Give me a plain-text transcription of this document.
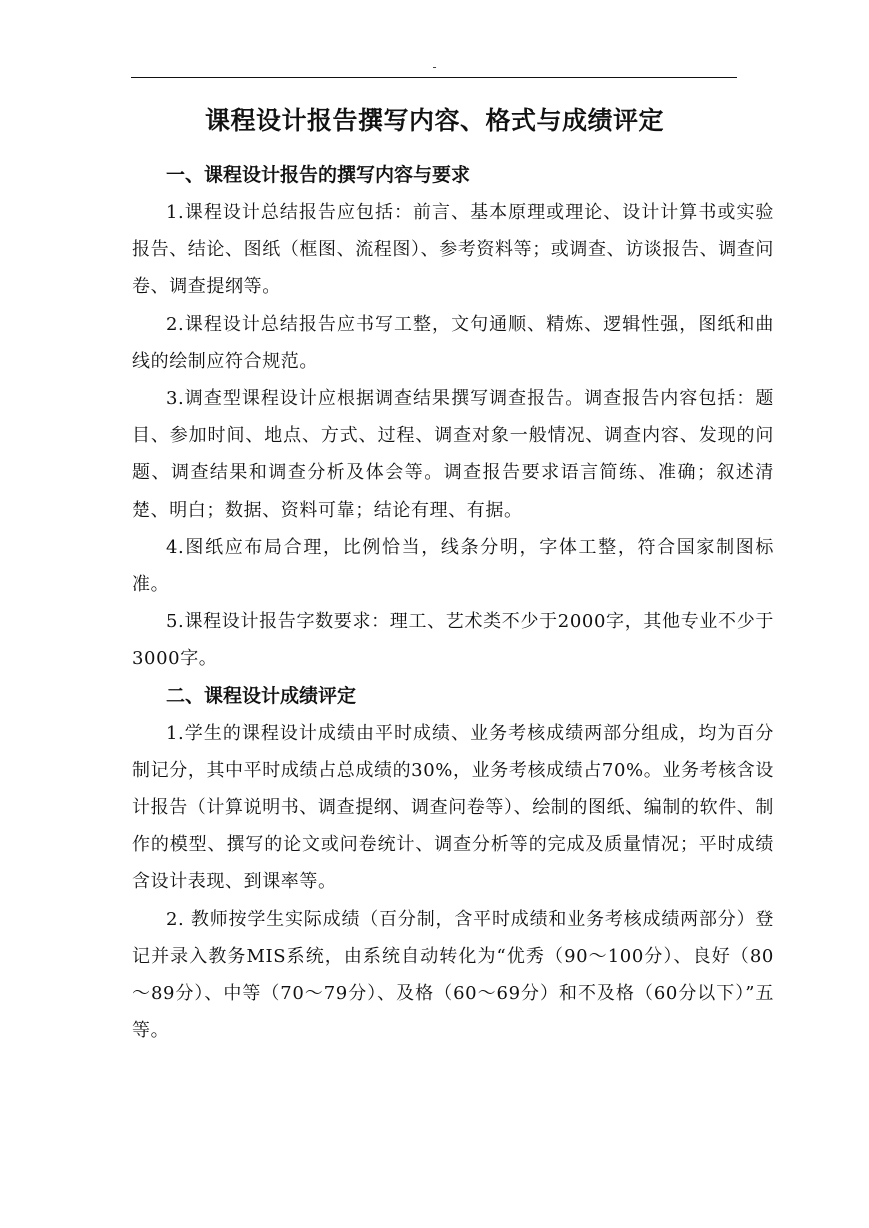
-
课程设计报告撰写内容、格式与成绩评定
一、课程设计报告的撰写内容与要求

1.课程设计总结报告应包括：前言、基本原理或理论、设计计算书或实验报告、结论、图纸（框图、流程图）、参考资料等；或调查、访谈报告、调查问卷、调查提纲等。

2.课程设计总结报告应书写工整，文句通顺、精炼、逻辑性强，图纸和曲线的绘制应符合规范。

3.调查型课程设计应根据调查结果撰写调查报告。调查报告内容包括：题目、参加时间、地点、方式、过程、调查对象一般情况、调查内容、发现的问题、调查结果和调查分析及体会等。调查报告要求语言简练、准确；叙述清楚、明白；数据、资料可靠；结论有理、有据。

4.图纸应布局合理，比例恰当，线条分明，字体工整，符合国家制图标准。

5.课程设计报告字数要求：理工、艺术类不少于2000字，其他专业不少于3000字。

二、课程设计成绩评定

1.学生的课程设计成绩由平时成绩、业务考核成绩两部分组成，均为百分制记分，其中平时成绩占总成绩的30%，业务考核成绩占70%。业务考核含设计报告（计算说明书、调查提纲、调查问卷等）、绘制的图纸、编制的软件、制作的模型、撰写的论文或问卷统计、调查分析等的完成及质量情况；平时成绩含设计表现、到课率等。

2. 教师按学生实际成绩（百分制，含平时成绩和业务考核成绩两部分）登记并录入教务MIS系统，由系统自动转化为“优秀（90～100分）、良好（80～89分）、中等（70～79分）、及格（60～69分）和不及格（60分以下）”五等。
